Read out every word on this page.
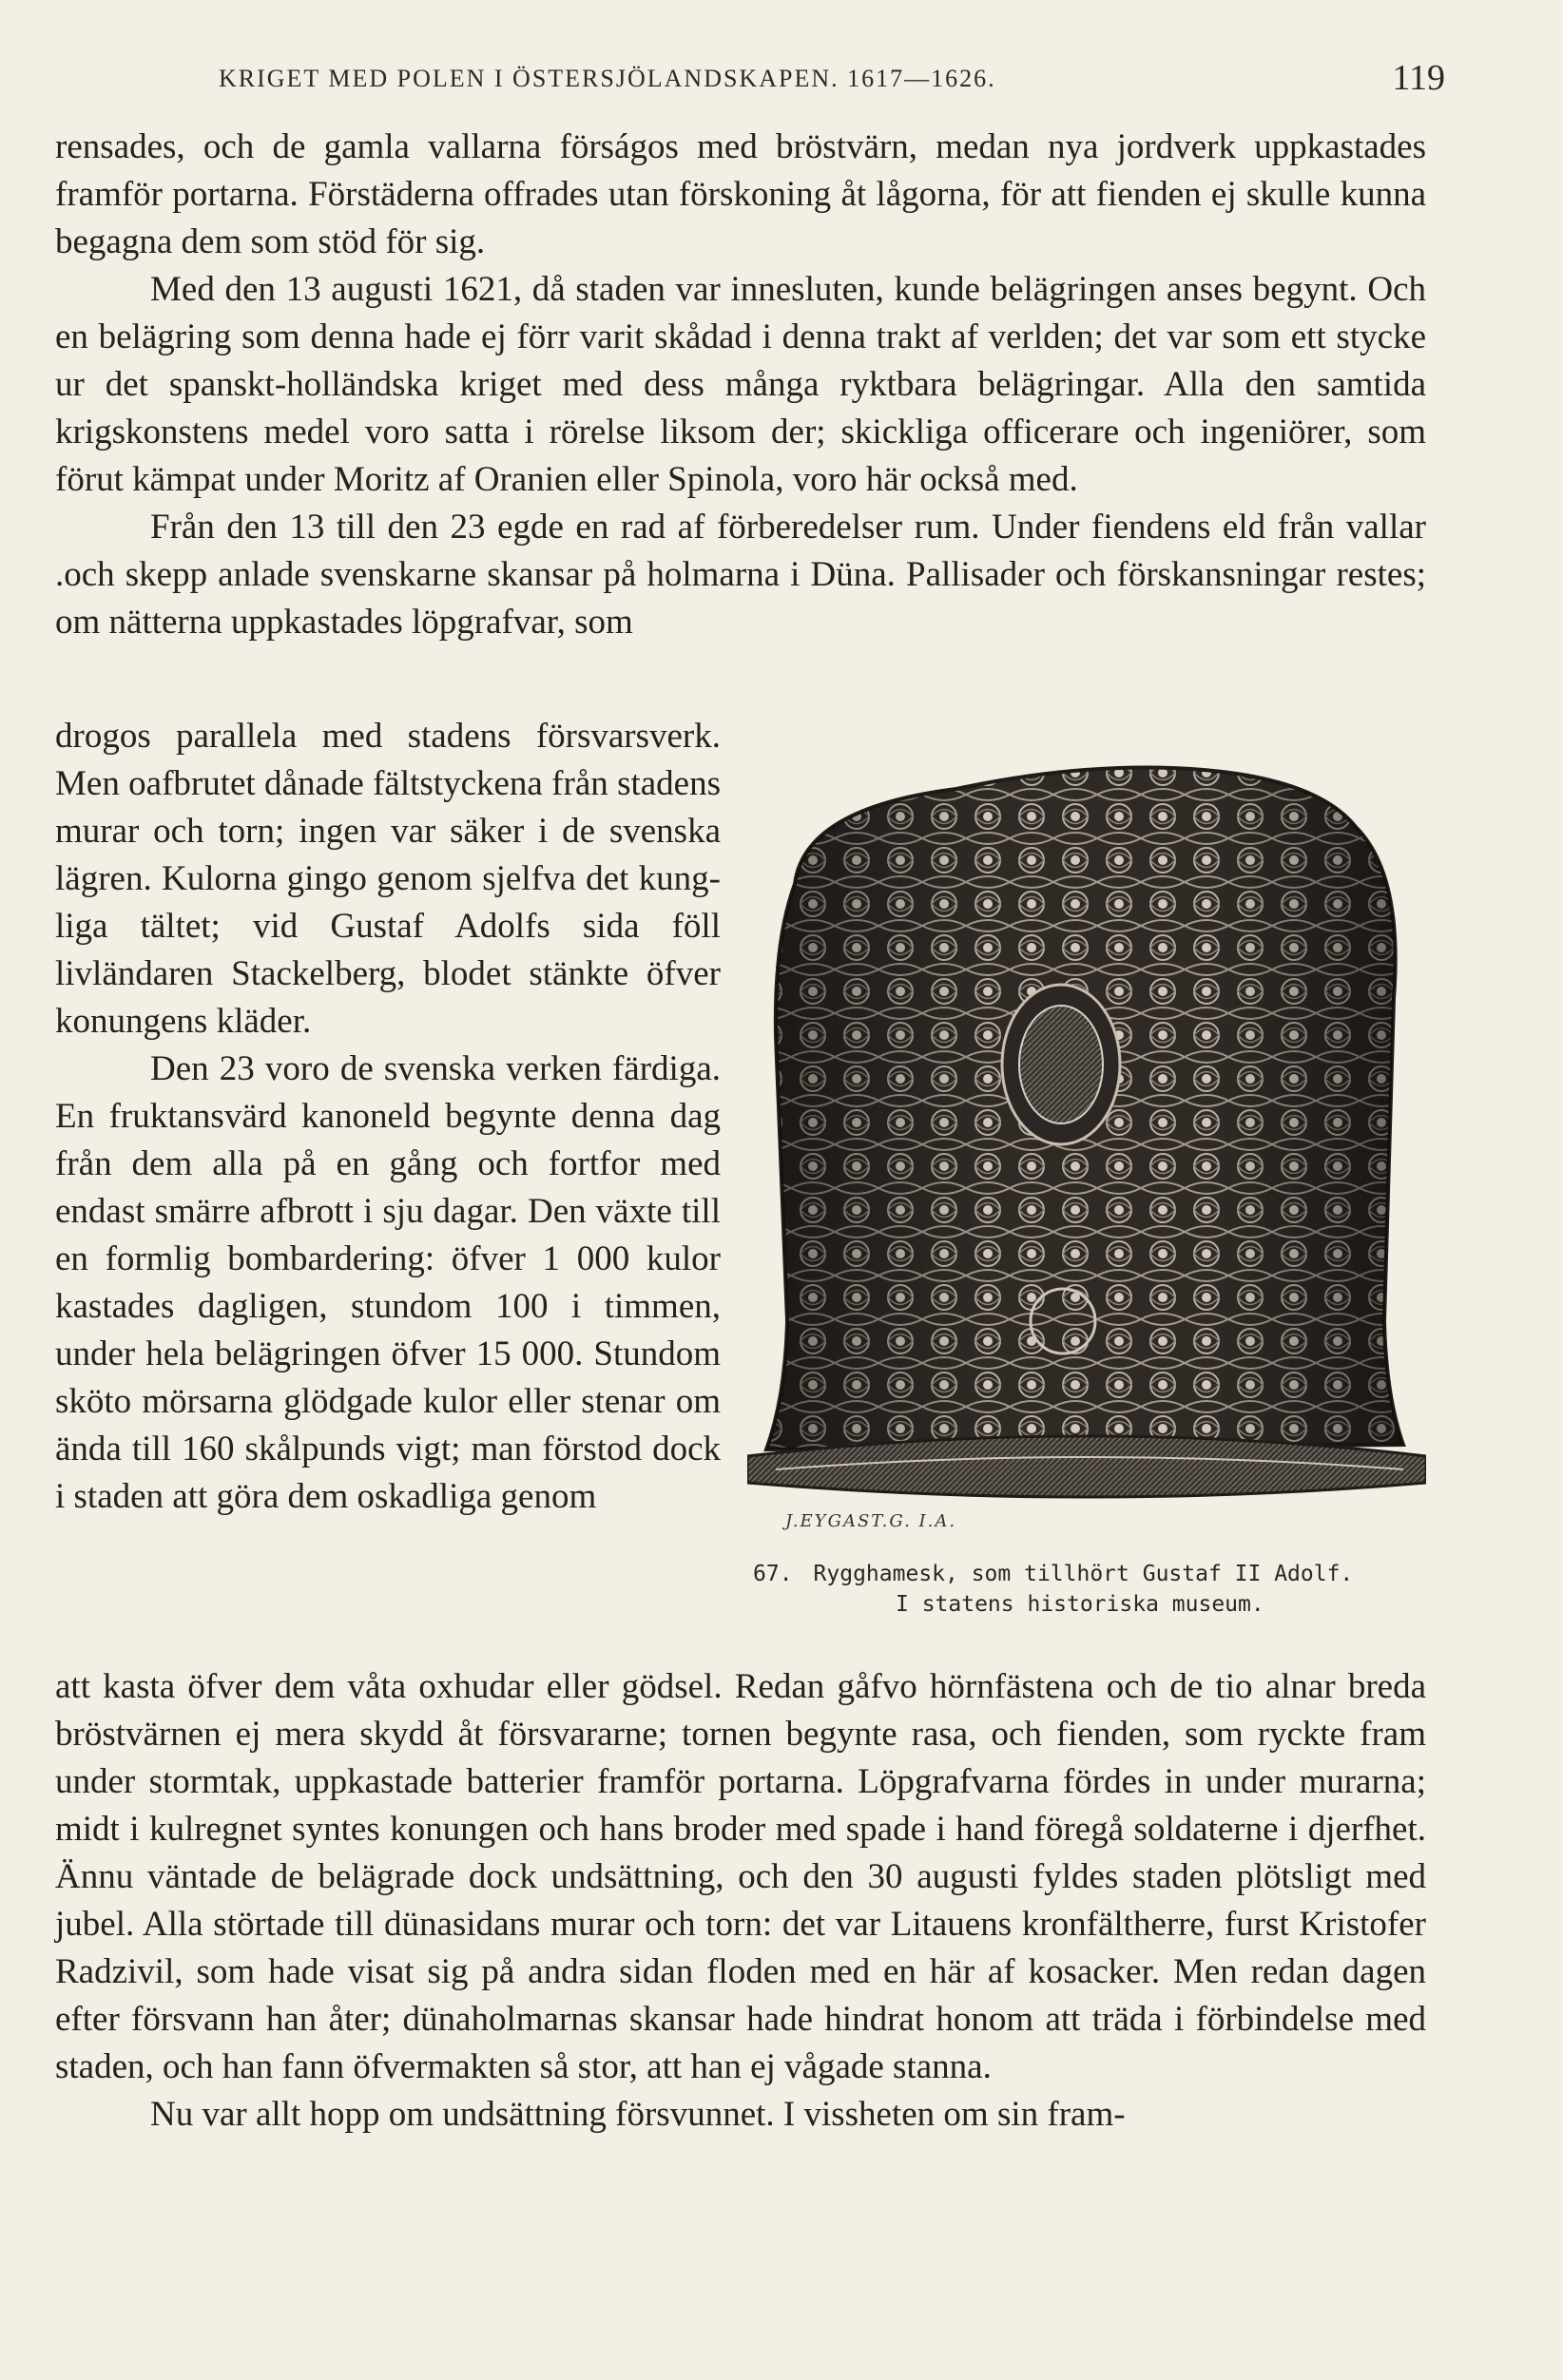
KRIGET MED POLEN I ÖSTERSJÖLANDSKAPEN. 1617—1626.	119

rensades, och de gamla vallarna förságos med bröstvärn, medan nya jordverk uppkastades framför portarna. Förstäderna offrades utan förskoning åt lågorna, för att fienden ej skulle kunna begagna dem som stöd för sig.

Med den 13 augusti 1621, då staden var innesluten, kunde belägringen anses begynt. Och en belägring som denna hade ej förr varit skådad i denna trakt af verlden; det var som ett stycke ur det spanskt-holländska kriget med dess många ryktbara belägringar. Alla den samtida krigskonstens medel voro satta i rörelse liksom der; skickliga officerare och ingeniörer, som förut kämpat under Moritz af Oranien eller Spinola, voro här också med.

Från den 13 till den 23 egde en rad af förberedelser rum. Under fiendens eld från vallar .och skepp anlade svenskarne skansar på holmarna i Düna. Pallisader och förskansningar restes; om nätterna uppkastades löpgrafvar, som

drogos parallela med stadens försvarsverk. Men oafbrutet dånade fältstyckena från stadens murar och torn; ingen var säker i de svenska lägren. Kulorna gingo genom sjelfva det kungliga tältet; vid Gustaf Adolfs sida föll livländaren Stackelberg, blodet stänkte öfver konungens kläder.

Den 23 voro de svenska verken färdiga. En fruktansvärd kanoneld begynte denna dag från dem alla på en gång och fortfor med endast smärre afbrott i sju dagar. Den växte till en formlig bombardering: öfver 1 000 kulor kastades dagligen, stundom 100 i timmen, under hela belägringen öfver 15 000. Stundom sköto mörsarna glödgade kulor eller stenar om ända till 160 skålpunds vigt; man förstod dock i staden att göra dem oskadliga genom

J.EYGAST.G. I.A.
67. Rygghamesk, som tillhört Gustaf II Adolf.
I statens historiska museum.

att kasta öfver dem våta oxhudar eller gödsel. Redan gåfvo hörnfästena och de tio alnar breda bröstvärnen ej mera skydd åt försvararne; tornen begynte rasa, och fienden, som ryckte fram under stormtak, uppkastade batterier framför portarna. Löpgrafvarna fördes in under murarna; midt i kulregnet syntes konungen och hans broder med spade i hand föregå soldaterne i djerfhet. Ännu väntade de belägrade dock undsättning, och den 30 augusti fyldes staden plötsligt med jubel. Alla störtade till dünasidans murar och torn: det var Litauens kronfältherre, furst Kristofer Radzivil, som hade visat sig på andra sidan floden med en här af kosacker. Men redan dagen efter försvann han åter; dünaholmarnas skansar hade hindrat honom att träda i förbindelse med staden, och han fann öfvermakten så stor, att han ej vågade stanna.

Nu var allt hopp om undsättning försvunnet. I vissheten om sin fram-
